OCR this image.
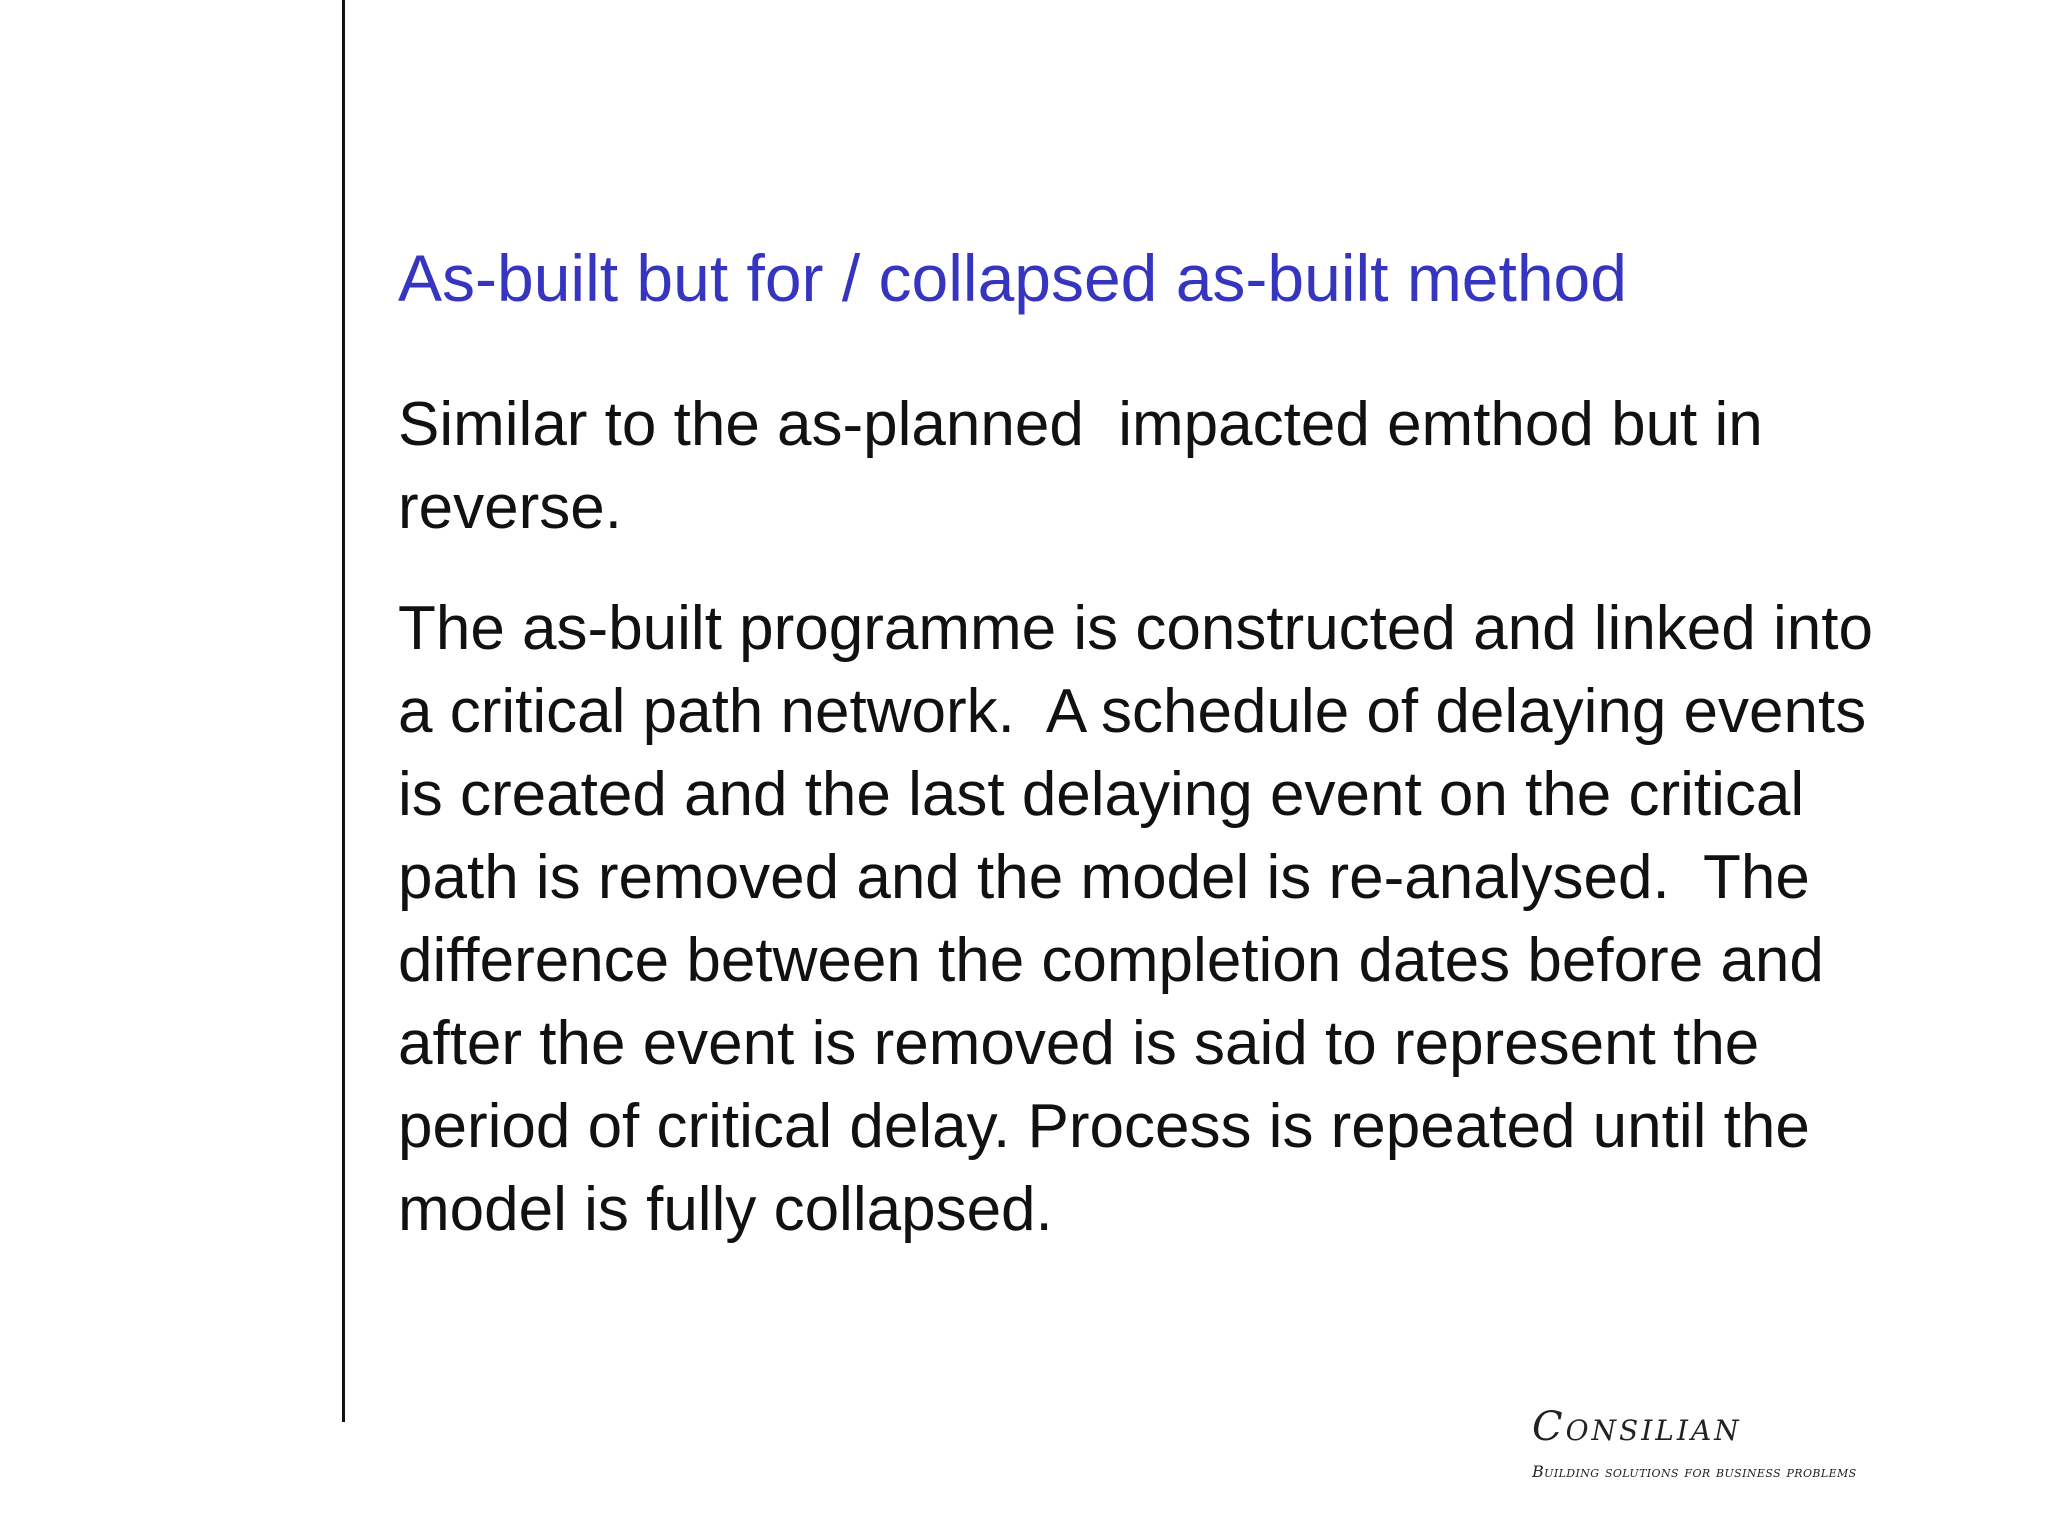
As-built but for / collapsed as-built method

Similar to the as-planned  impacted emthod but in reverse.

The as-built programme is constructed and linked into a critical path network.  A schedule of delaying events is created and the last delaying event on the critical path is removed and the model is re-analysed.  The difference between the completion dates before and after the event is removed is said to represent the period of critical delay. Process is repeated until the model is fully collapsed.

Consilian
Building solutions for business problems
